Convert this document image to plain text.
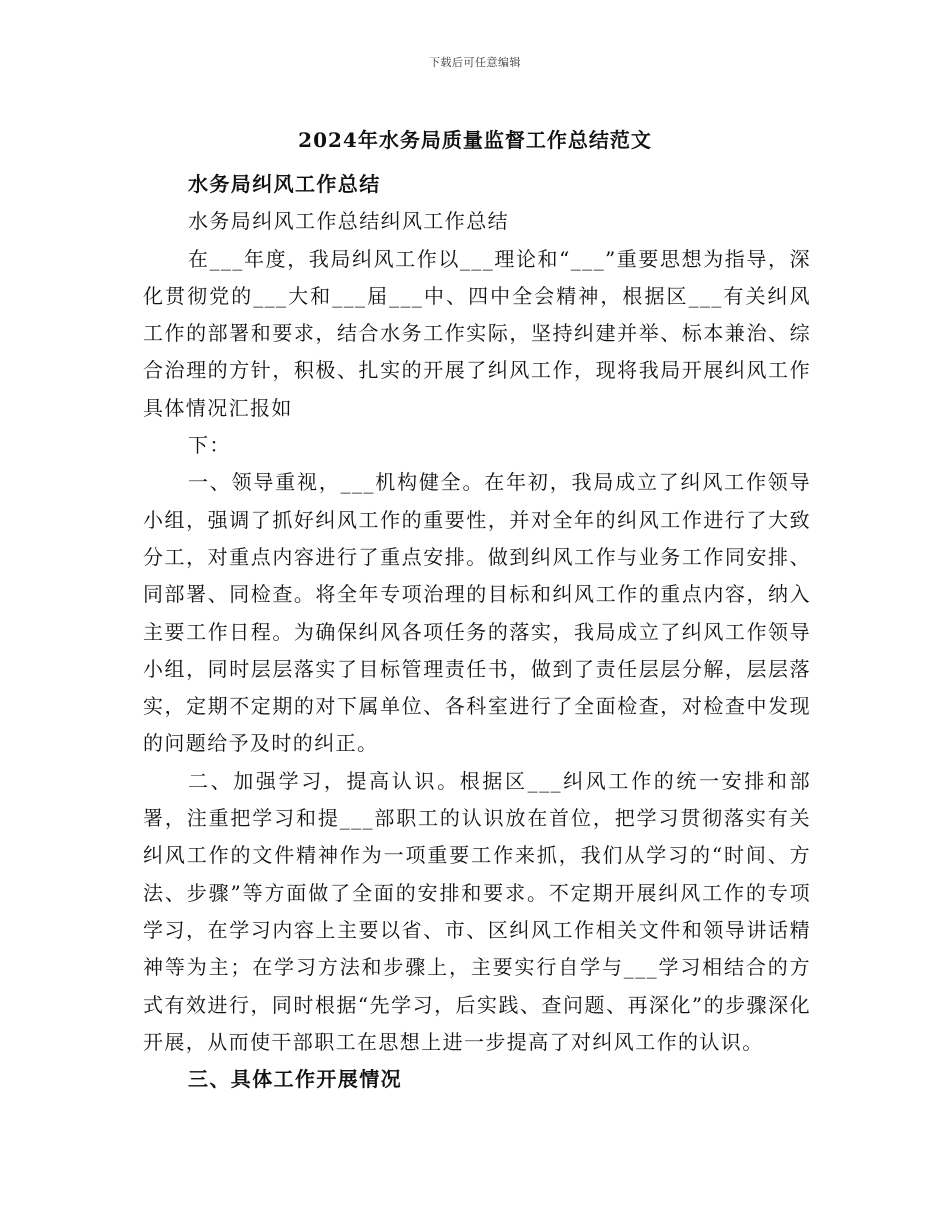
下载后可任意编辑
2024年水务局质量监督工作总结范文

水务局纠风工作总结

水务局纠风工作总结纠风工作总结

在___年度，我局纠风工作以___理论和“___”重要思想为指导，深化贯彻党的___大和___届___中、四中全会精神，根据区___有关纠风工作的部署和要求，结合水务工作实际，坚持纠建并举、标本兼治、综合治理的方针，积极、扎实的开展了纠风工作，现将我局开展纠风工作具体情况汇报如

下：

一、领导重视，___机构健全。在年初，我局成立了纠风工作领导小组，强调了抓好纠风工作的重要性，并对全年的纠风工作进行了大致分工，对重点内容进行了重点安排。做到纠风工作与业务工作同安排、同部署、同检查。将全年专项治理的目标和纠风工作的重点内容，纳入主要工作日程。为确保纠风各项任务的落实，我局成立了纠风工作领导小组，同时层层落实了目标管理责任书，做到了责任层层分解，层层落实，定期不定期的对下属单位、各科室进行了全面检查，对检查中发现的问题给予及时的纠正。

二、加强学习，提高认识。根据区___纠风工作的统一安排和部署，注重把学习和提___部职工的认识放在首位，把学习贯彻落实有关纠风工作的文件精神作为一项重要工作来抓，我们从学习的“时间、方法、步骤”等方面做了全面的安排和要求。不定期开展纠风工作的专项学习，在学习内容上主要以省、市、区纠风工作相关文件和领导讲话精神等为主；在学习方法和步骤上，主要实行自学与___学习相结合的方式有效进行，同时根据“先学习，后实践、查问题、再深化”的步骤深化开展，从而使干部职工在思想上进一步提高了对纠风工作的认识。

三、具体工作开展情况
